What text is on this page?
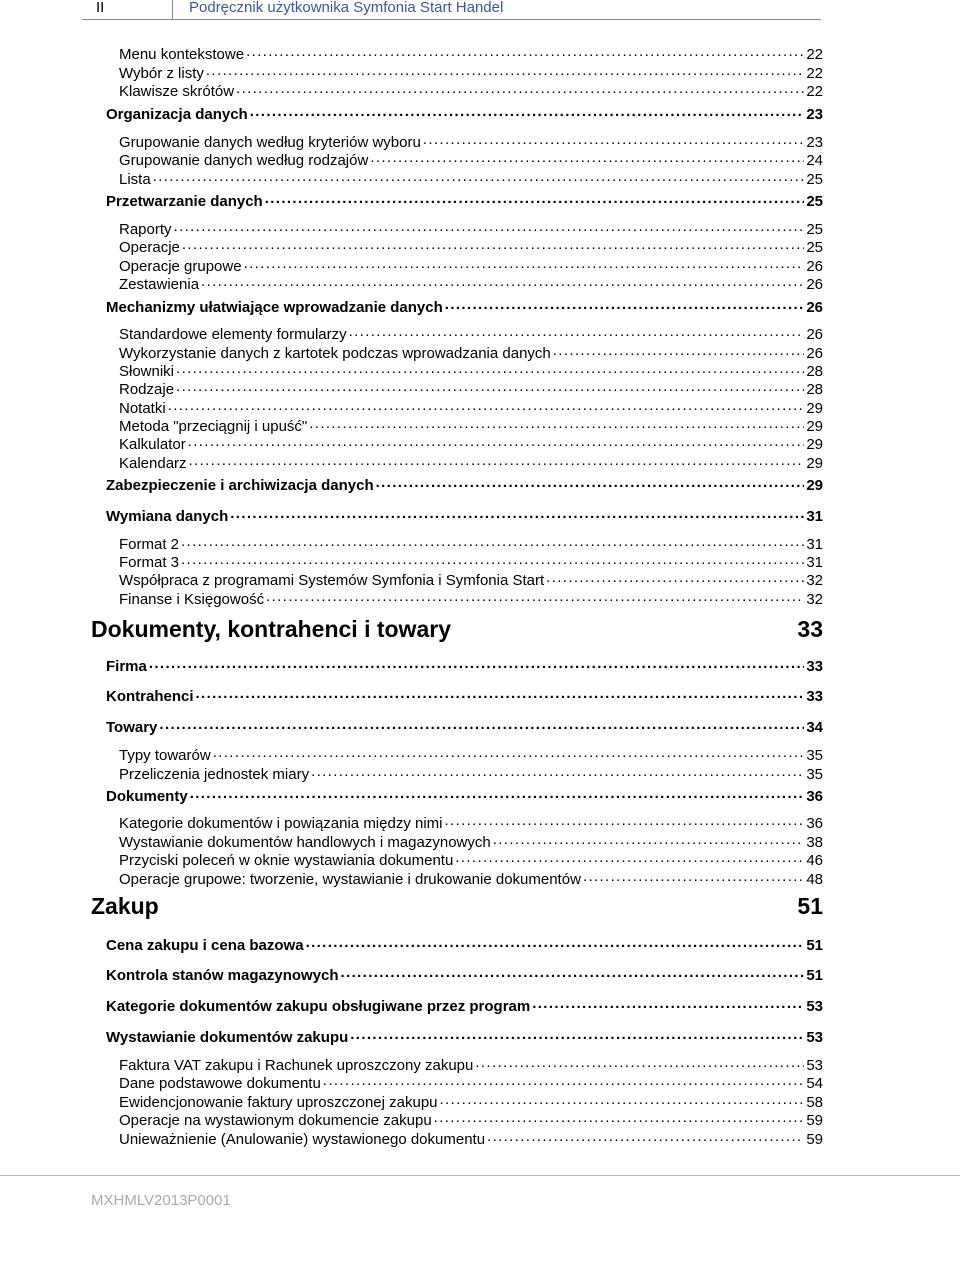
II	Podręcznik użytkownika Symfonia Start Handel
Menu kontekstowe . . .	22
Wybór z listy . . .	22
Klawisze skrótów . . .	22
Organizacja danych . . .	23
Grupowanie danych według kryteriów wyboru . . .	23
Grupowanie danych według rodzajów . . .	24
Lista . . .	25
Przetwarzanie danych . . .	25
Raporty . . .	25
Operacje . . .	25
Operacje grupowe . . .	26
Zestawienia . . .	26
Mechanizmy ułatwiające wprowadzanie danych . . .	26
Standardowe elementy formularzy . . .	26
Wykorzystanie danych z kartotek podczas wprowadzania danych . . .	26
Słowniki . . .	28
Rodzaje . . .	28
Notatki . . .	29
Metoda "przeciągnij i upuść" . . .	29
Kalkulator . . .	29
Kalendarz . . .	29
Zabezpieczenie i archiwizacja danych . . .	29
Wymiana danych . . .	31
Format 2 . . .	31
Format 3 . . .	31
Współpraca z programami Systemów Symfonia i Symfonia Start . . .	32
Finanse i Księgowość . . .	32
Dokumenty, kontrahenci i towary	33
Firma . . .	33
Kontrahenci . . .	33
Towary . . .	34
Typy towarów . . .	35
Przeliczenia jednostek miary . . .	35
Dokumenty . . .	36
Kategorie dokumentów i powiązania między nimi . . .	36
Wystawianie dokumentów handlowych i magazynowych . . .	38
Przyciski poleceń w oknie wystawiania dokumentu . . .	46
Operacje grupowe: tworzenie, wystawianie i drukowanie dokumentów . . .	48
Zakup	51
Cena zakupu i cena bazowa . . .	51
Kontrola stanów magazynowych . . .	51
Kategorie dokumentów zakupu obsługiwane przez program . . .	53
Wystawianie dokumentów zakupu . . .	53
Faktura VAT zakupu i Rachunek uproszczony zakupu . . .	53
Dane podstawowe dokumentu . . .	54
Ewidencjonowanie faktury uproszczonej zakupu . . .	58
Operacje na wystawionym dokumencie zakupu . . .	59
Unieważnienie (Anulowanie) wystawionego dokumentu . . .	59
MXHMLV2013P0001
